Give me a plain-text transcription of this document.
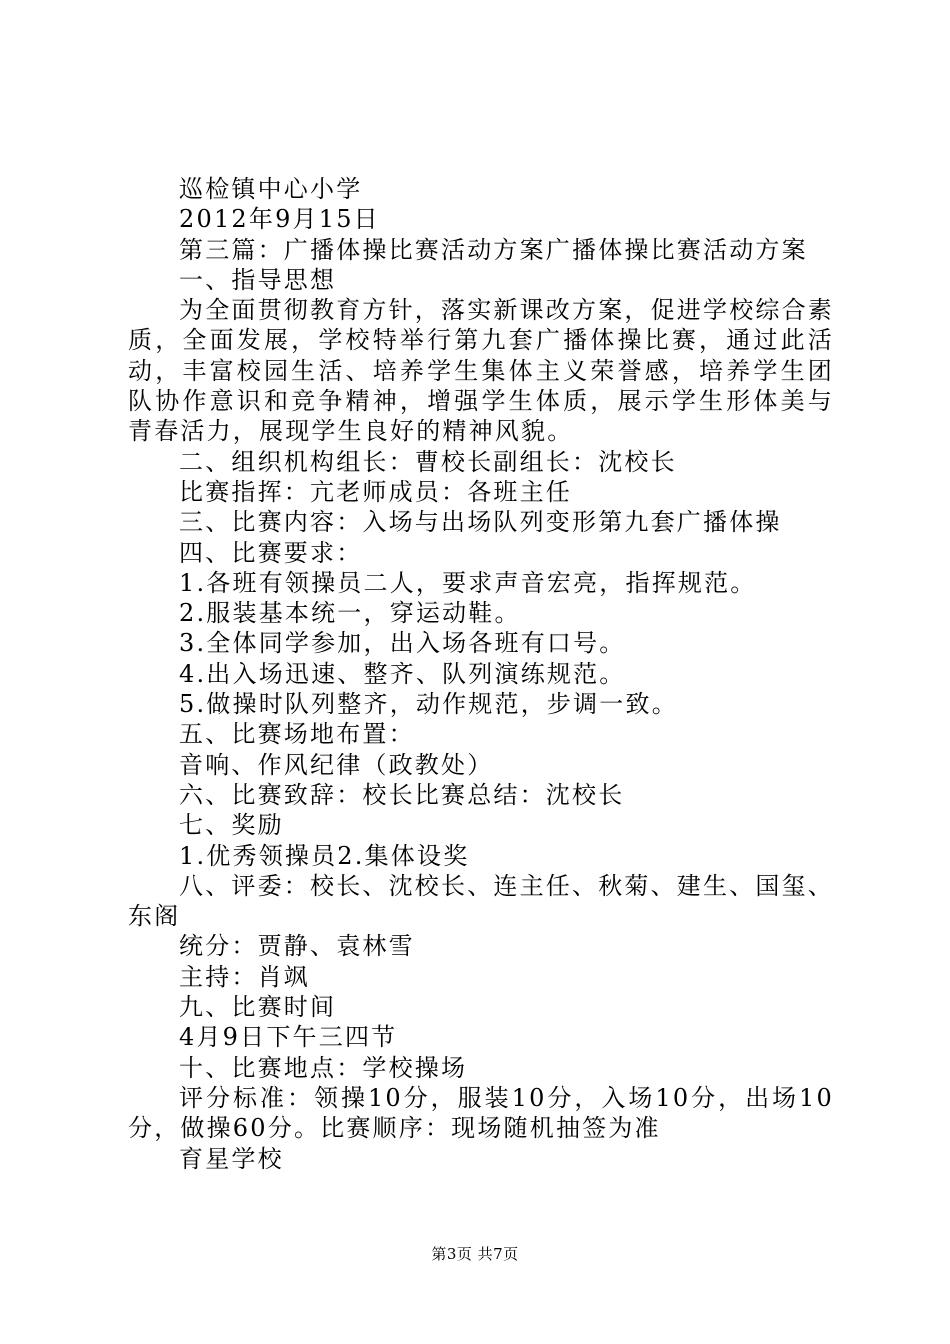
巡检镇中心小学

2012年9月15日

第三篇：广播体操比赛活动方案广播体操比赛活动方案

一、指导思想

为全面贯彻教育方针，落实新课改方案，促进学校综合素质，全面发展，学校特举行第九套广播体操比赛，通过此活动，丰富校园生活、培养学生集体主义荣誉感，培养学生团队协作意识和竞争精神，增强学生体质，展示学生形体美与青春活力，展现学生良好的精神风貌。

二、组织机构组长：曹校长副组长：沈校长

比赛指挥：亢老师成员：各班主任

三、比赛内容：入场与出场队列变形第九套广播体操

四、比赛要求：

1.各班有领操员二人，要求声音宏亮，指挥规范。

2.服装基本统一，穿运动鞋。

3.全体同学参加，出入场各班有口号。

4.出入场迅速、整齐、队列演练规范。

5.做操时队列整齐，动作规范，步调一致。

五、比赛场地布置：

音响、作风纪律（政教处）

六、比赛致辞：校长比赛总结：沈校长

七、奖励

1.优秀领操员2.集体设奖

八、评委：校长、沈校长、连主任、秋菊、建生、国玺、东阁

统分：贾静、袁林雪

主持：肖飒

九、比赛时间

4月9日下午三四节

十、比赛地点：学校操场

评分标准：领操10分，服装10分，入场10分，出场10分，做操60分。比赛顺序：现场随机抽签为准

育星学校

第3页 共7页
